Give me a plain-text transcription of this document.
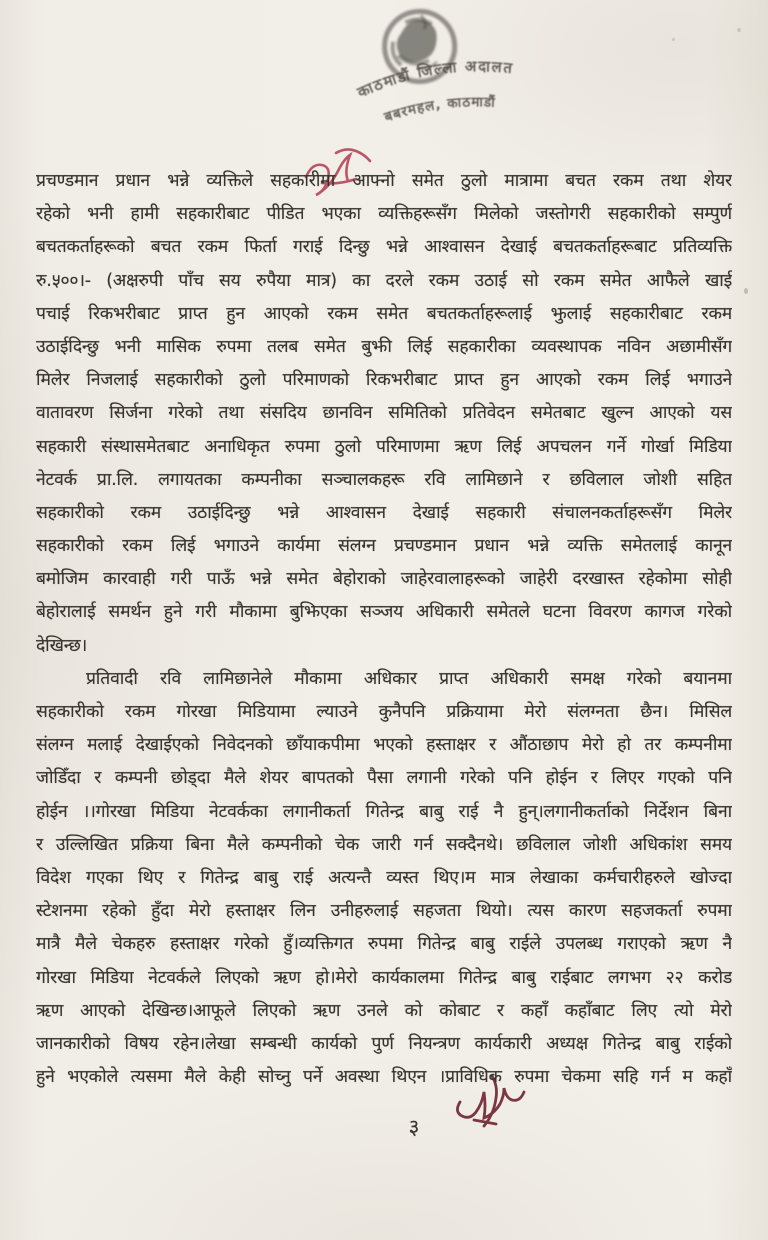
काठमाडौं जिल्ला अदालत
बबरमहल, काठमाडौं
प्रचण्डमान प्रधान भन्ने व्यक्तिले सहकारीमा आफ्नो समेत ठुलो मात्रामा बचत रकम तथा शेयर
रहेको भनी हामी सहकारीबाट पीडित भएका व्यक्तिहरूसँग मिलेको जस्तोगरी सहकारीको सम्पुर्ण
बचतकर्ताहरूको बचत रकम फिर्ता गराई दिन्छु भन्ने आश्वासन देखाई बचतकर्ताहरूबाट प्रतिव्यक्ति
रु.५००।- (अक्षरुपी पाँच सय रुपैया मात्र) का दरले रकम उठाई सो रकम समेत आफैले खाई
पचाई रिकभरीबाट प्राप्त हुन आएको रकम समेत बचतकर्ताहरूलाई झुलाई सहकारीबाट रकम
उठाईदिन्छु भनी मासिक रुपमा तलब समेत बुझी लिई सहकारीका व्यवस्थापक नविन अछामीसँग
मिलेर निजलाई सहकारीको ठुलो परिमाणको रिकभरीबाट प्राप्त हुन आएको रकम लिई भगाउने
वातावरण सिर्जना गरेको तथा संसदिय छानविन समितिको प्रतिवेदन समेतबाट खुल्न आएको यस
सहकारी संस्थासमेतबाट अनाधिकृत रुपमा ठुलो परिमाणमा ऋण लिई अपचलन गर्ने गोर्खा मिडिया
नेटवर्क प्रा.लि. लगायतका कम्पनीका सञ्चालकहरू रवि लामिछाने र छविलाल जोशी सहित
सहकारीको रकम उठाईदिन्छु भन्ने आश्वासन देखाई सहकारी संचालनकर्ताहरूसँग मिलेर
सहकारीको रकम लिई भगाउने कार्यमा संलग्न प्रचण्डमान प्रधान भन्ने व्यक्ति समेतलाई कानून
बमोजिम कारवाही गरी पाऊँ भन्ने समेत बेहोराको जाहेरवालाहरूको जाहेरी दरखास्त रहेकोमा सोही
बेहोरालाई समर्थन हुने गरी मौकामा बुझिएका सञ्जय अधिकारी समेतले घटना विवरण कागज गरेको
देखिन्छ।
प्रतिवादी रवि लामिछानेले मौकामा अधिकार प्राप्त अधिकारी समक्ष गरेको बयानमा
सहकारीको रकम गोरखा मिडियामा ल्याउने कुनैपनि प्रक्रियामा मेरो संलग्नता छैन। मिसिल
संलग्न मलाई देखाईएको निवेदनको छाँयाकपीमा भएको हस्ताक्षर र औंठाछाप मेरो हो तर कम्पनीमा
जोडिँदा र कम्पनी छोड्दा मैले शेयर बापतको पैसा लगानी गरेको पनि होईन र लिएर गएको पनि
होईन ।।गोरखा मिडिया नेटवर्कका लगानीकर्ता गितेन्द्र बाबु राई नै हुन्।लगानीकर्ताको निर्देशन बिना
र उल्लिखित प्रक्रिया बिना मैले कम्पनीको चेक जारी गर्न सक्दैनथे। छविलाल जोशी अधिकांश समय
विदेश गएका थिए र गितेन्द्र बाबु राई अत्यन्तै व्यस्त थिए।म मात्र लेखाका कर्मचारीहरुले खोज्दा
स्टेशनमा रहेको हुँदा मेरो हस्ताक्षर लिन उनीहरुलाई सहजता थियो। त्यस कारण सहजकर्ता रुपमा
मात्रै मैले चेकहरु हस्ताक्षर गरेको हुँ।व्यक्तिगत रुपमा गितेन्द्र बाबु राईले उपलब्ध गराएको ऋण नै
गोरखा मिडिया नेटवर्कले लिएको ऋण हो।मेरो कार्यकालमा गितेन्द्र बाबु राईबाट लगभग २२ करोड
ऋण आएको देखिन्छ।आफूले लिएको ऋण उनले को कोबाट र कहाँ कहाँबाट लिए त्यो मेरो
जानकारीको विषय रहेन।लेखा सम्बन्धी कार्यको पुर्ण नियन्त्रण कार्यकारी अध्यक्ष गितेन्द्र बाबु राईको
हुने भएकोले त्यसमा मैले केही सोच्नु पर्ने अवस्था थिएन ।प्राविधिक रुपमा चेकमा सहि गर्न म कहाँ
३
